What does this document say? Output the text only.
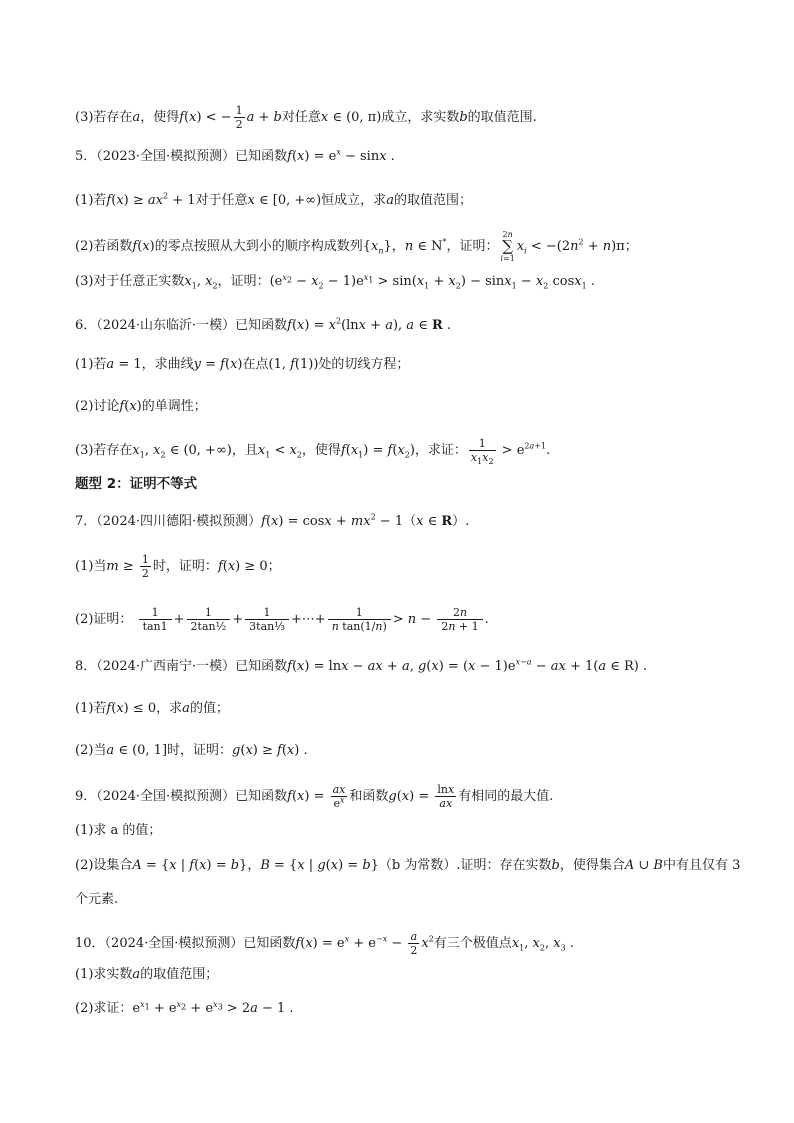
(3)若存在a，使得f(x) < − $\frac{1}{2}$ a + b对任意x ∈ (0, π)成立，求实数b的取值范围.
5．（2023·全国·模拟预测）已知函数$f(x) = e^x - \sin x$ .
(1)若$f(x) \ge ax^2 + 1$对于任意x ∈ [0, +∞)恒成立，求a的取值范围；
(2)若函数f(x)的零点按照从大到小的顺序构成数列$\{x_n\}$，n ∈ N*，证明：2n
∑
$i=1x_i < -(2n^2 + n)\pi$；
(3)对于任意正实数$x_1$, $x_2$，证明：$(e^{x_2} - x_2 - 1)e^{x_1} > \sin(x_1 + x_2) - \sin x_1 - x_2$ cosx$_1$ .
6．（2024·山东临沂·一模）已知函数$f(x) = x^2(\ln x + a)$, a ∈ R .
(1)若a = 1，求曲线y = f(x)在点(1, f(1))处的切线方程；
(2)讨论f(x)的单调性；
(3)若存在$x_1$, $x_2$ ∈ (0, +∞)，且$x_1 < x_2$，使得$f(x_1) = f(x_2)$，求证： $\frac{1}{x_1x_2} > e^{2a+1}$.
题型 2：证明不等式
7．（2024·四川德阳·模拟预测）$f(x) = \cos x + mx^2 - 1(x$ ∈ R）.
(1)当$m \ge \frac{1}{2}$ 时，证明：f(x) ≥ 0；
(2)证明： $\frac{1}{\tan 1} + \frac{1}{\text{2tan½}} + \frac{1}{\text{3tan⅓}}$ +⋯+ $\frac{1}{\text{n tan(1/n)}} > n - \frac{2n}{2n + 1}$ .
8．（2024·广西南宁·一模）已知函数f(x) = lnx − ax + a, $g(x) = (x - 1)e^{x-a}$ − ax + 1(a ∈ R) .
(1)若f(x) ≤ 0，求a的值；
(2)当a ∈ (0, 1]时，证明：g(x) ≥ f(x) .
9．（2024·全国·模拟预测）已知函数$f(x) = \frac{ax}{e^x}$ 和函数$g(x) = \frac{\ln x}{ax}$ 有相同的最大值.
(1)求 a 的值；
(2)设集合A = {x | f(x) = b}，B = {x | g(x) = b}（b 为常数）.证明：存在实数b，使得集合A ∪ B中有且仅有 3
个元素.
10．（2024·全国·模拟预测）已知函数$f(x) = e^x + e^{-x} - \frac{a}{2} x^2$有三个极值点$x_1$, $x_2$, $x_3$ .
(1)求实数a的取值范围；
(2)求证：$e^{x_1} + e^{x_2} + e^{x_3} > 2a - 1$ .
